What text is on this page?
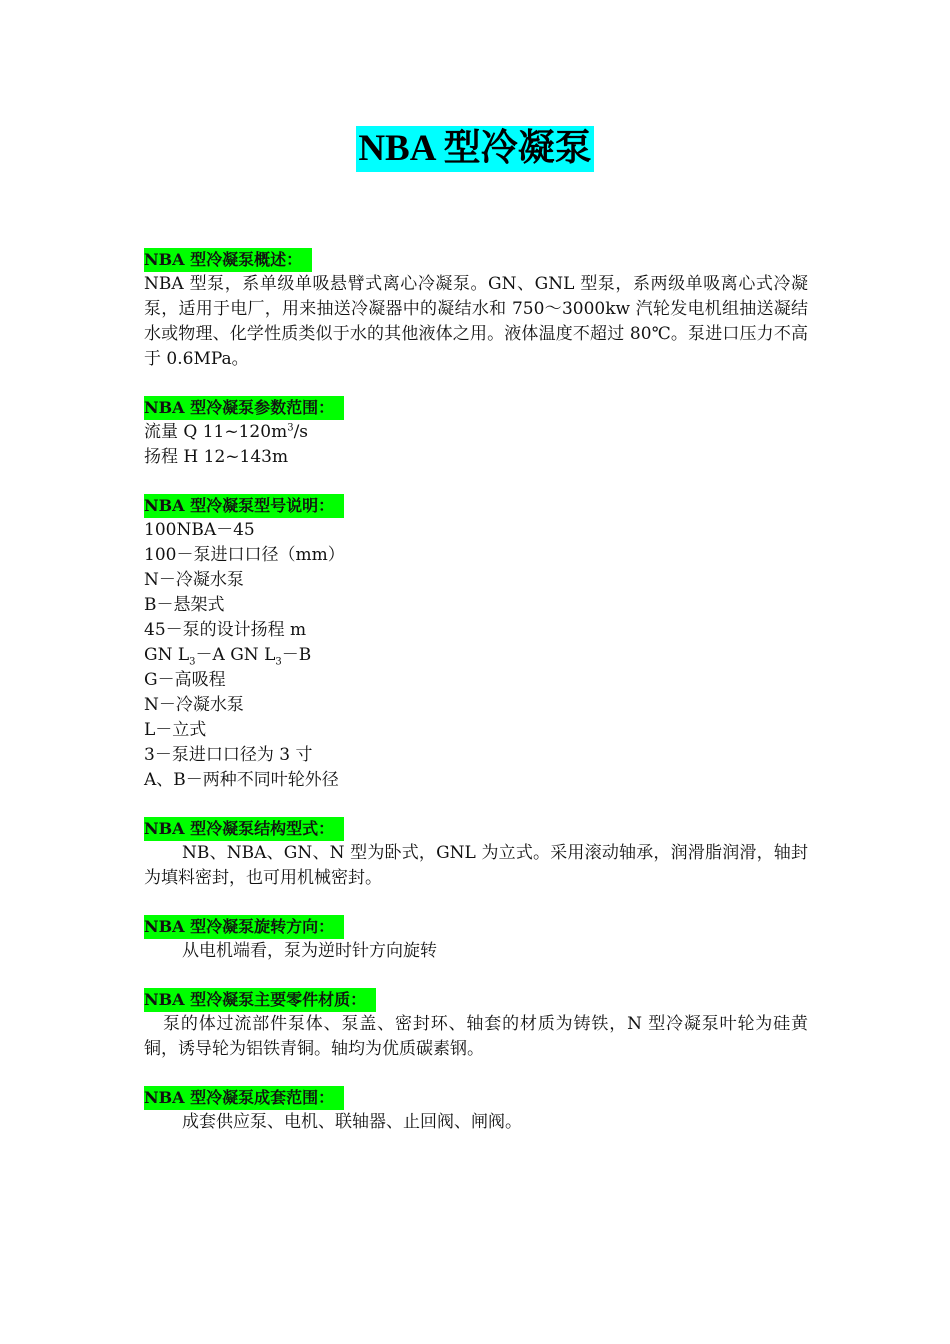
NBA 型冷凝泵
NBA 型冷凝泵概述：

NBA 型泵，系单级单吸悬臂式离心冷凝泵。GN、GNL 型泵，系两级单吸离心式冷凝泵，适用于电厂，用来抽送冷凝器中的凝结水和 750～3000kw 汽轮发电机组抽送凝结水或物理、化学性质类似于水的其他液体之用。液体温度不超过 80℃。泵进口压力不高于 0.6MPa。

NBA 型冷凝泵参数范围：

流量 Q $11\sim 120m^3/s$

扬程 H 12~143m

NBA 型冷凝泵型号说明：

100NBA－45

100－泵进口口径（mm）

N－冷凝水泵

B－悬架式

45－泵的设计扬程 m

GN $L_3-A$ GN $L_3-B$

G－高吸程

N－冷凝水泵

L－立式

3－泵进口口径为 3 寸

A、B－两种不同叶轮外径

NBA 型冷凝泵结构型式：

NB、NBA、GN、N 型为卧式，GNL 为立式。采用滚动轴承，润滑脂润滑，轴封为填料密封，也可用机械密封。

NBA 型冷凝泵旋转方向：

从电机端看，泵为逆时针方向旋转

NBA 型冷凝泵主要零件材质：

泵的体过流部件泵体、泵盖、密封环、轴套的材质为铸铁，N 型冷凝泵叶轮为硅黄铜，诱导轮为铝铁青铜。轴均为优质碳素钢。

NBA 型冷凝泵成套范围：

成套供应泵、电机、联轴器、止回阀、闸阀。
